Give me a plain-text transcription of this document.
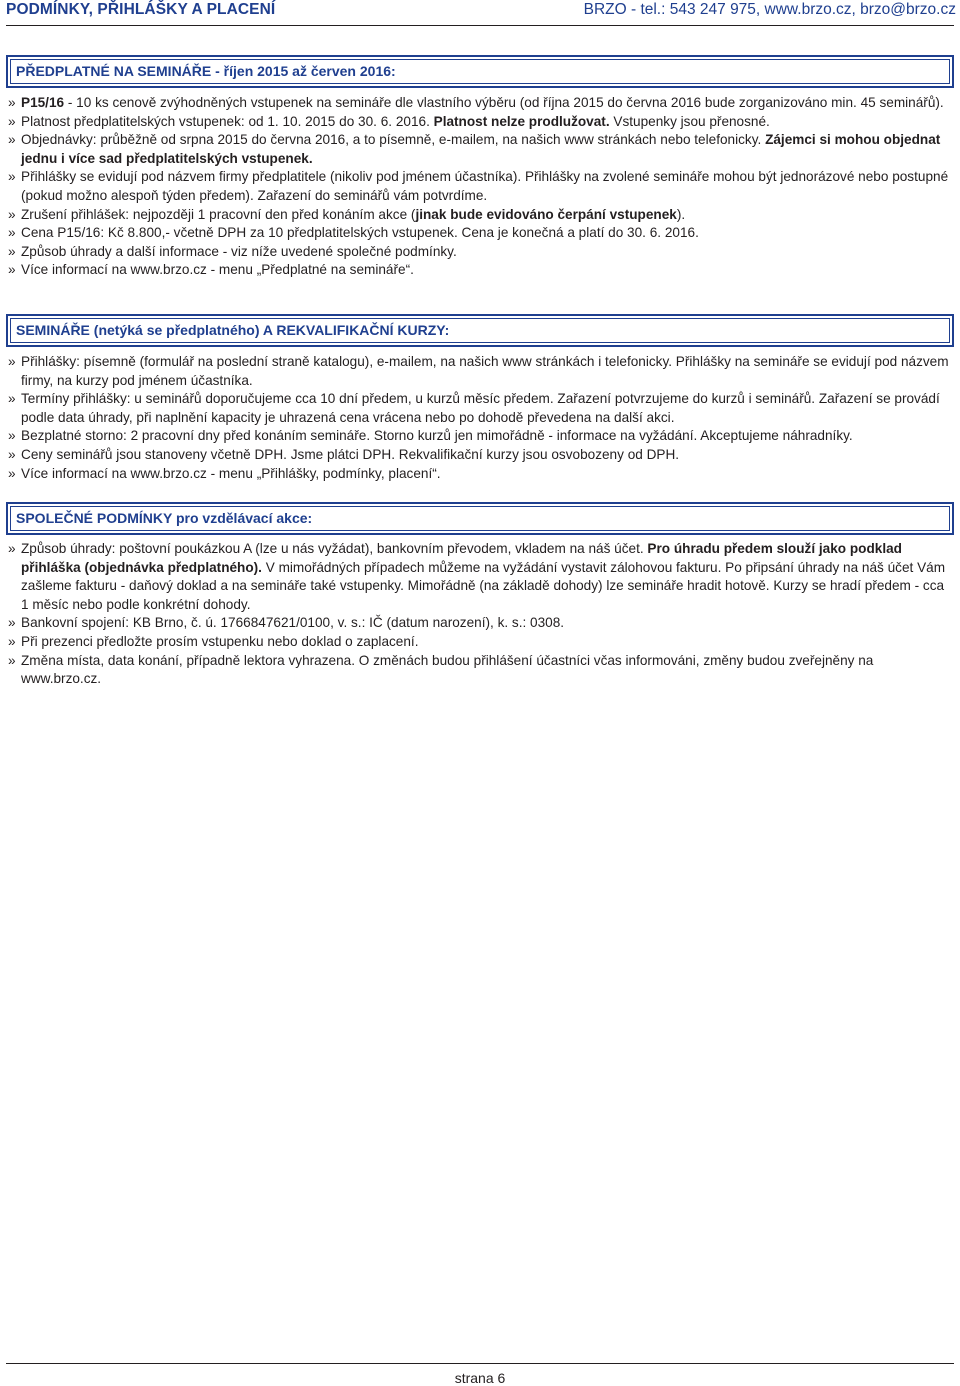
PODMÍNKY, PŘIHLÁŠKY A PLACENÍ	BRZO - tel.: 543 247 975, www.brzo.cz, brzo@brzo.cz
PŘEDPLATNÉ NA SEMINÁŘE - říjen 2015 až červen 2016:
» P15/16 - 10 ks cenově zvýhodněných vstupenek na semináře dle vlastního výběru (od října 2015 do června 2016 bude zorganizováno min. 45 seminářů).
» Platnost předplatitelských vstupenek: od 1. 10. 2015 do 30. 6. 2016. Platnost nelze prodlužovat. Vstupenky jsou přenosné.
» Objednávky: průběžně od srpna 2015 do června 2016, a to písemně, e-mailem, na našich www stránkách nebo telefonicky. Zájemci si mohou objednat jednu i více sad předplatitelských vstupenek.
» Přihlášky se evidují pod názvem firmy předplatitele (nikoliv pod jménem účastníka). Přihlášky na zvolené semináře mohou být jednorázové nebo postupné (pokud možno alespoň týden předem). Zařazení do seminářů vám potvrdíme.
» Zrušení přihlášek: nejpozději 1 pracovní den před konáním akce (jinak bude evidováno čerpání vstupenek).
» Cena P15/16: Kč 8.800,- včetně DPH za 10 předplatitelských vstupenek. Cena je konečná a platí do 30. 6. 2016.
» Způsob úhrady a další informace - viz níže uvedené společné podmínky.
» Více informací na www.brzo.cz - menu „Předplatné na semináře“.
SEMINÁŘE (netýká se předplatného) A REKVALIFIKAČNÍ KURZY:
» Přihlášky: písemně (formulář na poslední straně katalogu), e-mailem, na našich www stránkách i telefonicky. Přihlášky na semináře se evidují pod názvem firmy, na kurzy pod jménem účastníka.
» Termíny přihlášky: u seminářů doporučujeme cca 10 dní předem, u kurzů měsíc předem. Zařazení potvrzujeme do kurzů i seminářů. Zařazení se provádí podle data úhrady, při naplnění kapacity je uhrazená cena vrácena nebo po dohodě převedena na další akci.
» Bezplatné storno: 2 pracovní dny před konáním semináře. Storno kurzů jen mimořádně - informace na vyžádání. Akceptujeme náhradníky.
» Ceny seminářů jsou stanoveny včetně DPH. Jsme plátci DPH. Rekvalifikační kurzy jsou osvobozeny od DPH.
» Více informací na www.brzo.cz - menu „Přihlášky, podmínky, placení“.
SPOLEČNÉ PODMÍNKY pro vzdělávací akce:
» Způsob úhrady: poštovní poukázkou A (lze u nás vyžádat), bankovním převodem, vkladem na náš účet. Pro úhradu předem slouží jako podklad přihláška (objednávka předplatného). V mimořádných případech můžeme na vyžádání vystavit zálohovou fakturu. Po připsání úhrady na náš účet Vám zašleme fakturu - daňový doklad a na semináře také vstupenky. Mimořádně (na základě dohody) lze semináře hradit hotově. Kurzy se hradí předem - cca 1 měsíc nebo podle konkrétní dohody.
» Bankovní spojení: KB Brno, č. ú. 1766847621/0100, v. s.: IČ (datum narození), k. s.: 0308.
» Při prezenci předložte prosím vstupenku nebo doklad o zaplacení.
» Změna místa, data konání, případně lektora vyhrazena. O změnách budou přihlášení účastníci včas informováni, změny budou zveřejněny na www.brzo.cz.
strana 6
